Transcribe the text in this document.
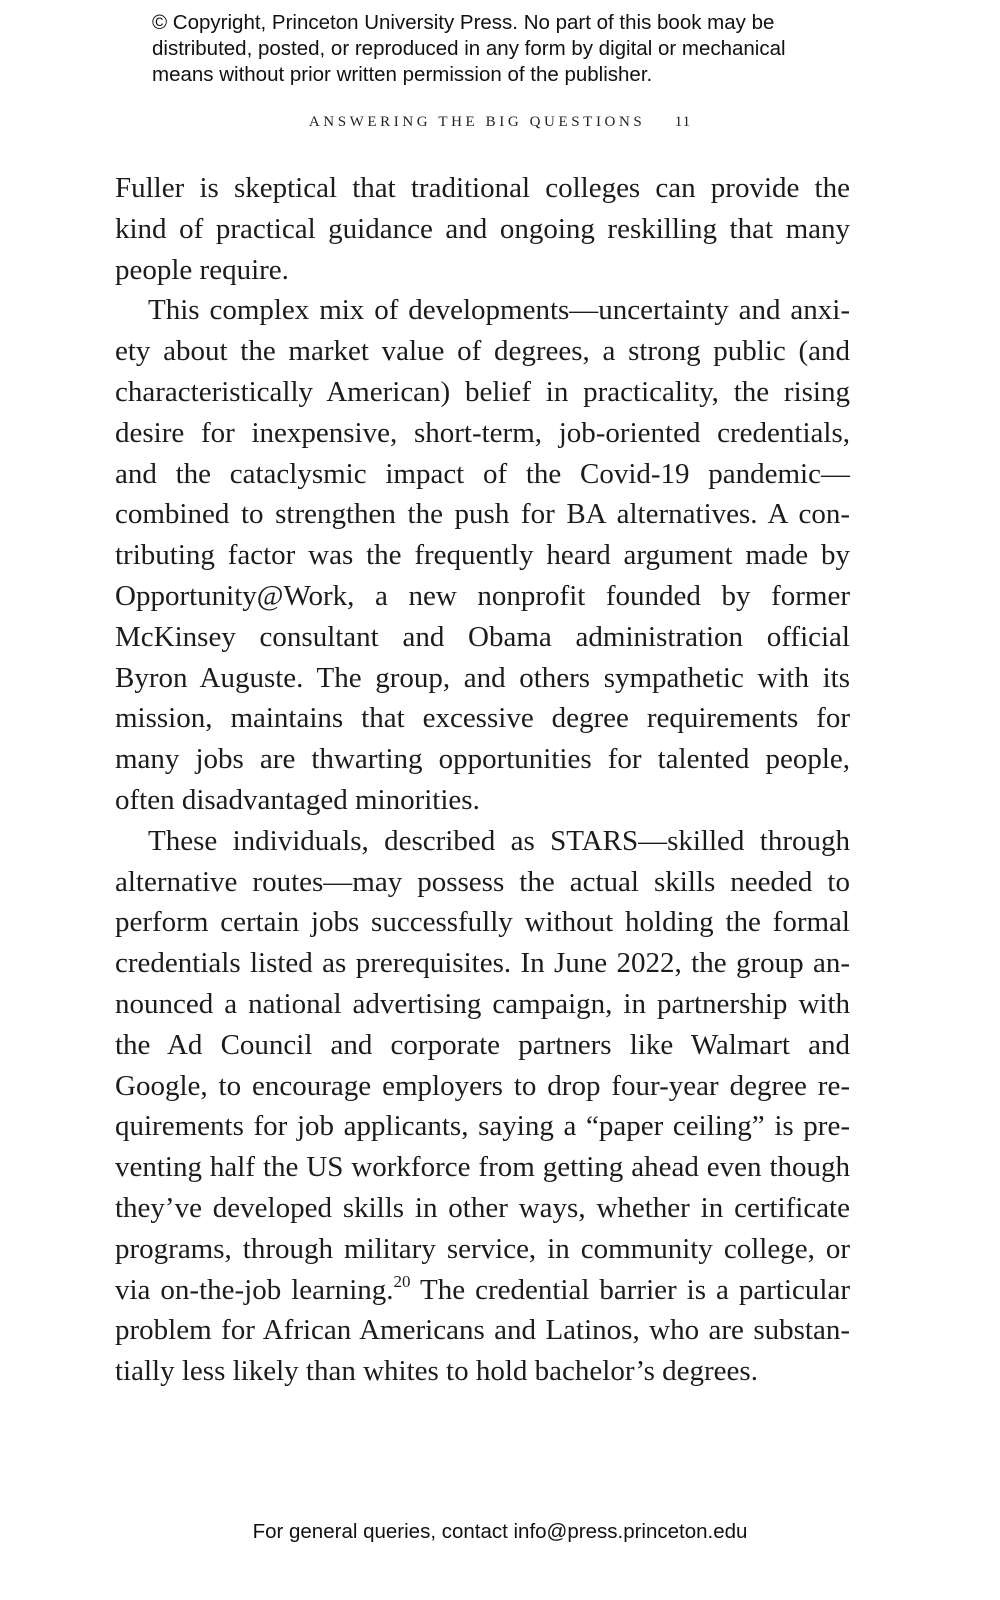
© Copyright, Princeton University Press. No part of this book may be
distributed, posted, or reproduced in any form by digital or mechanical
means without prior written permission of the publisher.
ANSWERING THE BIG QUESTIONS 11
Fuller is skeptical that traditional colleges can provide the
kind of practical guidance and ongoing reskilling that many
people require.
This complex mix of developments—uncertainty and anxi-
ety about the market value of degrees, a strong public (and
characteristically American) belief in practicality, the rising
desire for inexpensive, short-term, job-oriented credentials,
and the cataclysmic impact of the Covid-19 pandemic—
combined to strengthen the push for BA alternatives. A con-
tributing factor was the frequently heard argument made by
Opportunity@Work, a new nonprofit founded by former
McKinsey consultant and Obama administration official
Byron Auguste. The group, and others sympathetic with its
mission, maintains that excessive degree requirements for
many jobs are thwarting opportunities for talented people,
often disadvantaged minorities.
These individuals, described as STARS—skilled through
alternative routes—may possess the actual skills needed to
perform certain jobs successfully without holding the formal
credentials listed as prerequisites. In June 2022, the group an-
nounced a national advertising campaign, in partnership with
the Ad Council and corporate partners like Walmart and
Google, to encourage employers to drop four-year degree re-
quirements for job applicants, saying a “paper ceiling” is pre-
venting half the US workforce from getting ahead even though
they’ve developed skills in other ways, whether in certificate
programs, through military service, in community college, or
via on-the-job learning.$^{20}$ The credential barrier is a particular
problem for African Americans and Latinos, who are substan-
tially less likely than whites to hold bachelor’s degrees.
For general queries, contact info@press.princeton.edu
